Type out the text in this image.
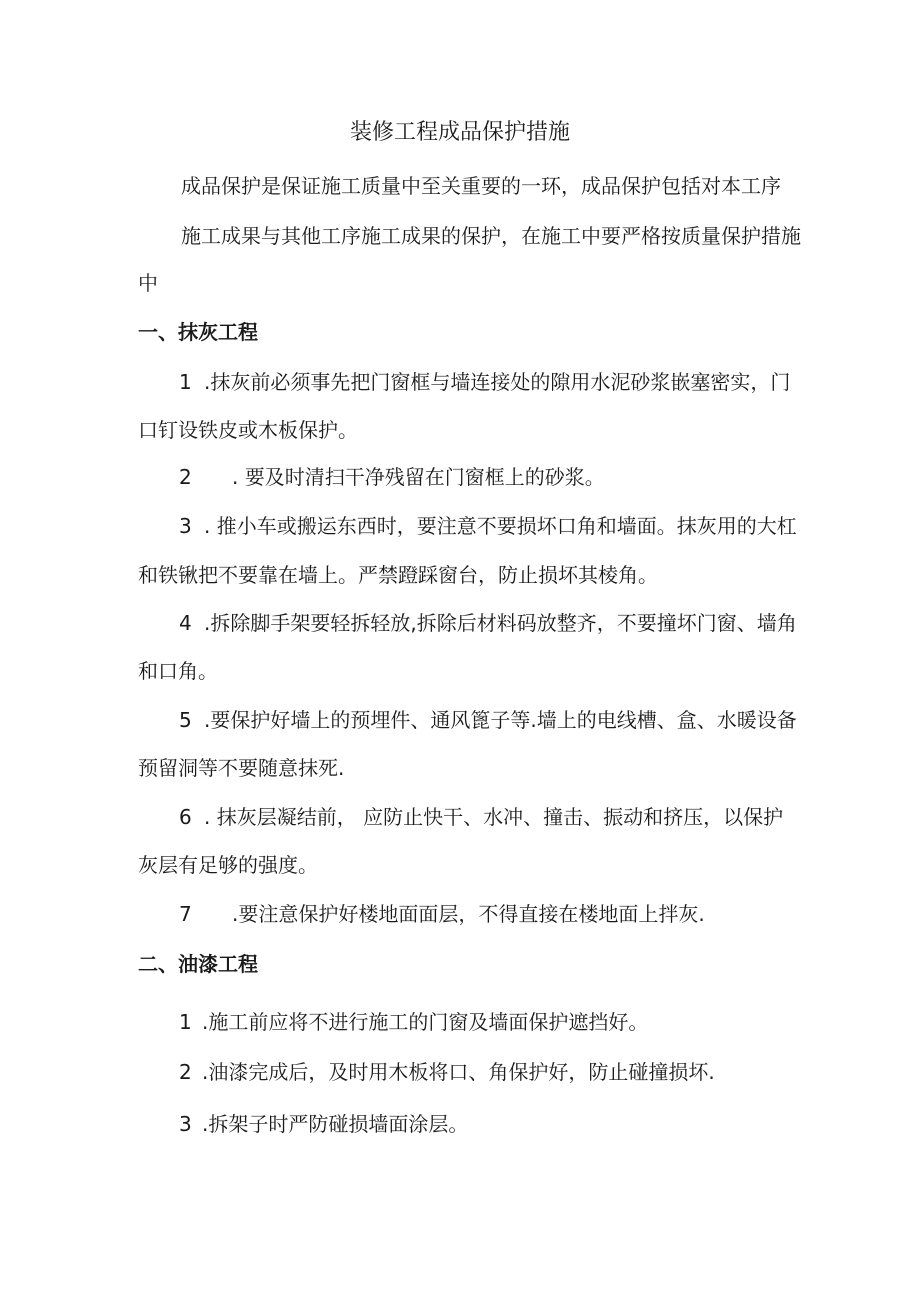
装修工程成品保护措施
成品保护是保证施工质量中至关重要的一环，成品保护包括对本工序
施工成果与其他工序施工成果的保护，在施工中要严格按质量保护措施
中
一、抹灰工程
1 .抹灰前必须事先把门窗框与墙连接处的隙用水泥砂浆嵌塞密实，门
口钉设铁皮或木板保护。
2 . 要及时清扫干净残留在门窗框上的砂浆。
3 . 推小车或搬运东西时，要注意不要损坏口角和墙面。抹灰用的大杠
和铁锹把不要靠在墙上。严禁蹬踩窗台，防止损坏其棱角。
4 .拆除脚手架要轻拆轻放,拆除后材料码放整齐，不要撞坏门窗、墙角
和口角。
5 .要保护好墙上的预埋件、通风篦子等.墙上的电线槽、盒、水暖设备
预留洞等不要随意抹死.
6 . 抹灰层凝结前， 应防止快干、水冲、撞击、振动和挤压，以保护
灰层有足够的强度。
7 .要注意保护好楼地面面层，不得直接在楼地面上拌灰.
二、油漆工程
1 .施工前应将不进行施工的门窗及墙面保护遮挡好。
2 .油漆完成后，及时用木板将口、角保护好，防止碰撞损坏.
3 .拆架子时严防碰损墙面涂层。
